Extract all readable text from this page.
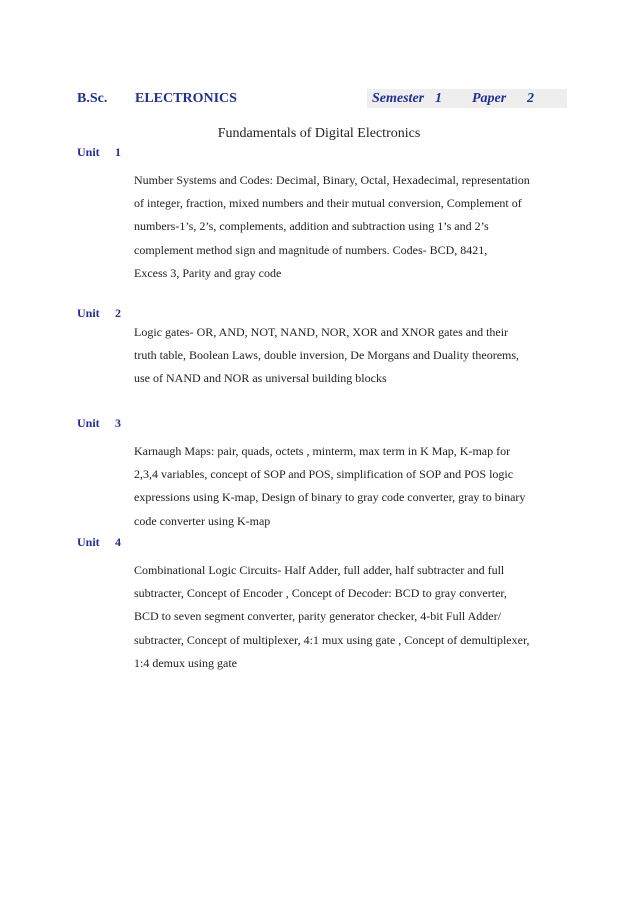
B.Sc. ELECTRONICS	Semester 1 Paper 2
Fundamentals of Digital Electronics
Unit 1
Number Systems and Codes: Decimal, Binary, Octal, Hexadecimal, representation
of integer, fraction, mixed numbers and their mutual conversion, Complement of
numbers-1’s, 2’s, complements, addition and subtraction using 1’s and 2’s
complement method sign and magnitude of numbers. Codes- BCD, 8421,
Excess 3, Parity and gray code
Unit 2
Logic gates- OR, AND, NOT, NAND, NOR, XOR and XNOR gates and their
truth table, Boolean Laws, double inversion, De Morgans and Duality theorems,
use of NAND and NOR as universal building blocks
Unit 3
Karnaugh Maps: pair, quads, octets , minterm, max term in K Map, K-map for
2,3,4 variables, concept of SOP and POS, simplification of SOP and POS logic
expressions using K-map, Design of binary to gray code converter, gray to binary
code converter using K-map
Unit 4
Combinational Logic Circuits- Half Adder, full adder, half subtracter and full
subtracter, Concept of Encoder , Concept of Decoder: BCD to gray converter,
BCD to seven segment converter, parity generator checker, 4-bit Full Adder/
subtracter, Concept of multiplexer, 4:1 mux using gate , Concept of demultiplexer,
1:4 demux using gate
